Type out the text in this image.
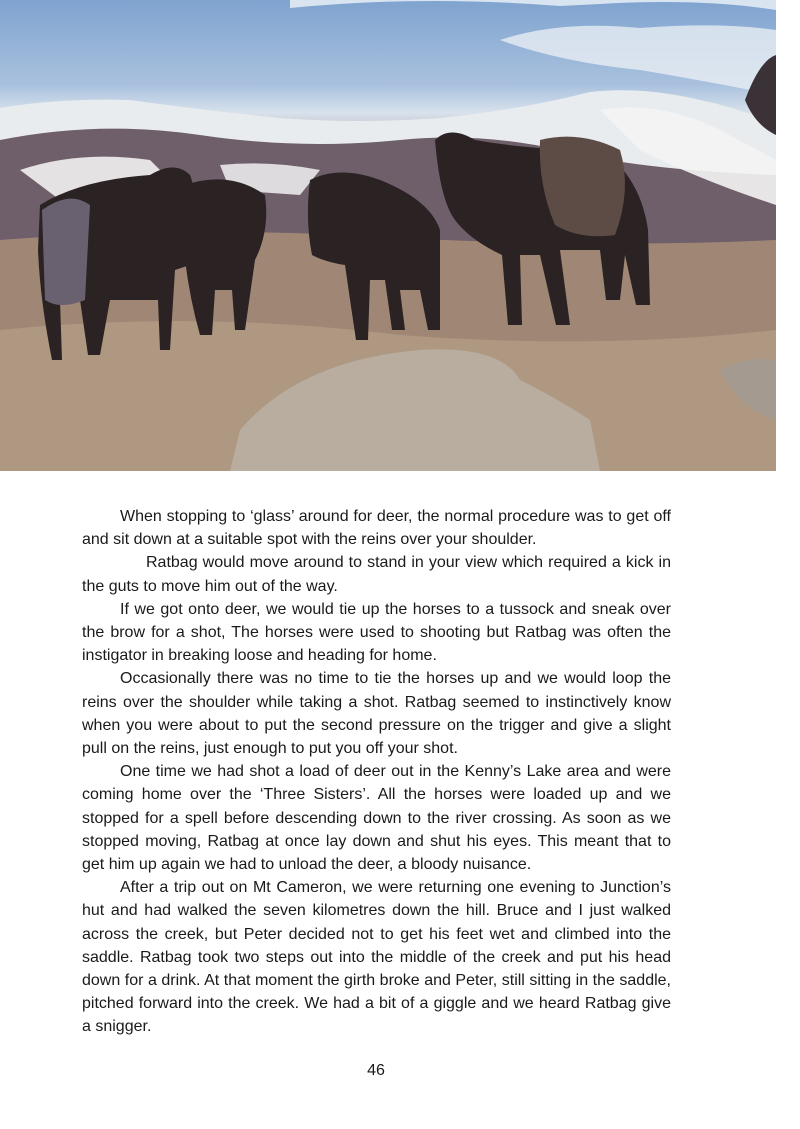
When stopping to ‘glass’ around for deer, the normal procedure was to get off and sit down at a suitable spot with the reins over your shoulder.

Ratbag would move around to stand in your view which required a kick in the guts to move him out of the way.

If we got onto deer, we would tie up the horses to a tussock and sneak over the brow for a shot, The horses were used to shooting but Ratbag was often the instigator in breaking loose and heading for home.

Occasionally there was no time to tie the horses up and we would loop the reins over the shoulder while taking a shot. Ratbag seemed to instinctively know when you were about to put the second pressure on the trigger and give a slight pull on the reins, just enough to put you off your shot.

One time we had shot a load of deer out in the Kenny’s Lake area and were coming home over the ‘Three Sisters’. All the horses were loaded up and we stopped for a spell before descending down to the river crossing. As soon as we stopped moving, Ratbag at once lay down and shut his eyes. This meant that to get him up again we had to unload the deer, a bloody nuisance.

After a trip out on Mt Cameron, we were returning one evening to Junction’s hut and had walked the seven kilometres down the hill. Bruce and I just walked across the creek, but Peter decided not to get his feet wet and climbed into the saddle. Ratbag took two steps out into the middle of the creek and put his head down for a drink. At that moment the girth broke and Peter, still sitting in the saddle, pitched forward into the creek. We had a bit of a giggle and we heard Ratbag give a snigger.

46
